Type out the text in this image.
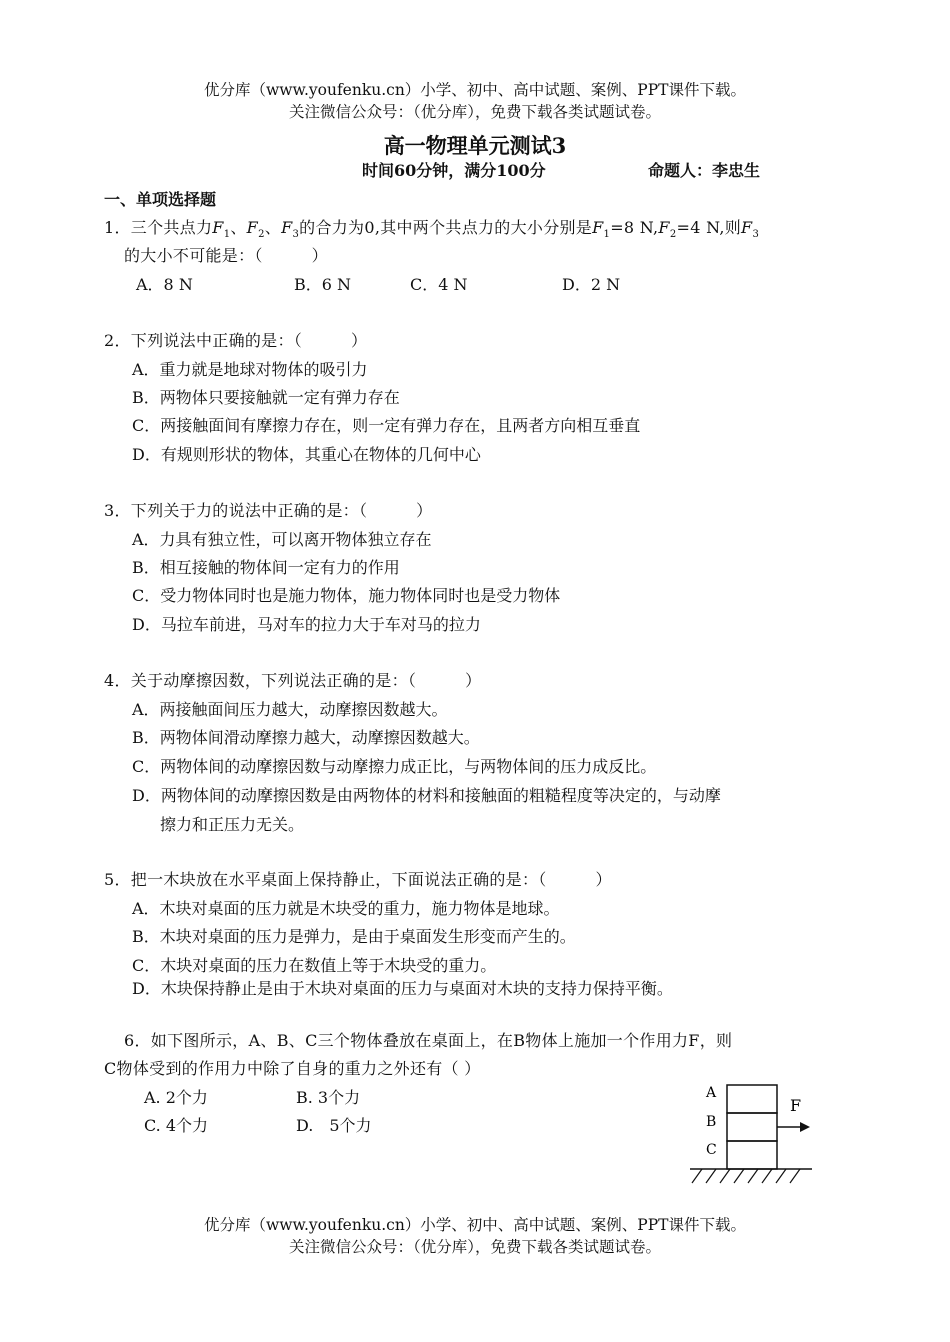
优分库（www.youfenku.cn）小学、初中、高中试题、案例、PPT课件下载。
关注微信公众号：（优分库），免费下载各类试题试卷。
高一物理单元测试3
时间60分钟，满分100分	命题人：李忠生
一、单项选择题
1．三个共点力$F_1$、$F_2$、$F_3$的合力为0,其中两个共点力的大小分别是$F_1=8$ $N,F_2=4$ N,则$F_3$
的大小不可能是：（　　　）
A．8 N	B．6 N	C．4 N	D．2 N
2．下列说法中正确的是：（　　　）
A．重力就是地球对物体的吸引力
B．两物体只要接触就一定有弹力存在
C．两接触面间有摩擦力存在，则一定有弹力存在，且两者方向相互垂直
D．有规则形状的物体，其重心在物体的几何中心
3．下列关于力的说法中正确的是：（　　　）
A．力具有独立性，可以离开物体独立存在
B．相互接触的物体间一定有力的作用
C．受力物体同时也是施力物体，施力物体同时也是受力物体
D．马拉车前进，马对车的拉力大于车对马的拉力
4．关于动摩擦因数，下列说法正确的是：（　　　）
A．两接触面间压力越大，动摩擦因数越大。
B．两物体间滑动摩擦力越大，动摩擦因数越大。
C．两物体间的动摩擦因数与动摩擦力成正比，与两物体间的压力成反比。
D．两物体间的动摩擦因数是由两物体的材料和接触面的粗糙程度等决定的，与动摩
擦力和正压力无关。
5．把一木块放在水平桌面上保持静止，下面说法正确的是：（　　　）
A．木块对桌面的压力就是木块受的重力，施力物体是地球。
B．木块对桌面的压力是弹力，是由于桌面发生形变而产生的。
C．木块对桌面的压力在数值上等于木块受的重力。
D．木块保持静止是由于木块对桌面的压力与桌面对木块的支持力保持平衡。
6．如下图所示，A、B、C三个物体叠放在桌面上，在B物体上施加一个作用力F，则
C物体受到的作用力中除了自身的重力之外还有（ ）
A. 2个力	B. 3个力
C. 4个力	D.　5个力
A
B
C
F
优分库（www.youfenku.cn）小学、初中、高中试题、案例、PPT课件下载。
关注微信公众号：（优分库），免费下载各类试题试卷。
